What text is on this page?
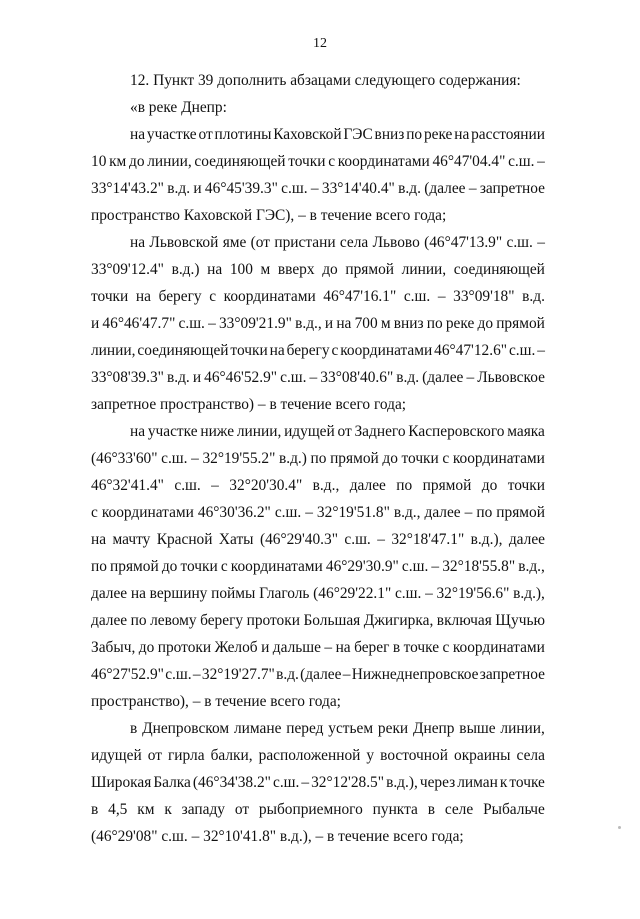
12
12. Пункт 39 дополнить абзацами следующего содержания:
«в реке Днепр:
на участке от плотины Каховской ГЭС вниз по реке на расстоянии
10 км до линии, соединяющей точки с координатами 46°47'04.4" с.ш. –
33°14'43.2" в.д. и 46°45'39.3" с.ш. – 33°14'40.4" в.д. (далее – запретное
пространство Каховской ГЭС), – в течение всего года;
на Львовской яме (от пристани села Львово (46°47'13.9" с.ш. –
33°09'12.4" в.д.) на 100 м вверх до прямой линии, соединяющей
точки на берегу с координатами 46°47'16.1" с.ш. – 33°09'18" в.д.
и 46°46'47.7" с.ш. – 33°09'21.9" в.д., и на 700 м вниз по реке до прямой
линии, соединяющей точки на берегу с координатами 46°47'12.6" с.ш. –
33°08'39.3" в.д. и 46°46'52.9" с.ш. – 33°08'40.6" в.д. (далее – Львовское
запретное пространство) – в течение всего года;
на участке ниже линии, идущей от Заднего Касперовского маяка
(46°33'60" с.ш. – 32°19'55.2" в.д.) по прямой до точки с координатами
46°32'41.4" с.ш. – 32°20'30.4" в.д., далее по прямой до точки
с координатами 46°30'36.2" с.ш. – 32°19'51.8" в.д., далее – по прямой
на мачту Красной Хаты (46°29'40.3" с.ш. – 32°18'47.1" в.д.), далее
по прямой до точки с координатами 46°29'30.9" с.ш. – 32°18'55.8" в.д.,
далее на вершину поймы Глаголь (46°29'22.1" с.ш. – 32°19'56.6" в.д.),
далее по левому берегу протоки Большая Джигирка, включая Щучью
Забыч, до протоки Желоб и дальше – на берег в точке с координатами
46°27'52.9" с.ш. – 32°19'27.7" в.д. (далее – Нижнеднепровское запретное
пространство), – в течение всего года;
в Днепровском лимане перед устьем реки Днепр выше линии,
идущей от гирла балки, расположенной у восточной окраины села
Широкая Балка (46°34'38.2" с.ш. – 32°12'28.5" в.д.), через лиман к точке
в 4,5 км к западу от рыбоприемного пункта в селе Рыбальче
(46°29'08" с.ш. – 32°10'41.8" в.д.), – в течение всего года;
